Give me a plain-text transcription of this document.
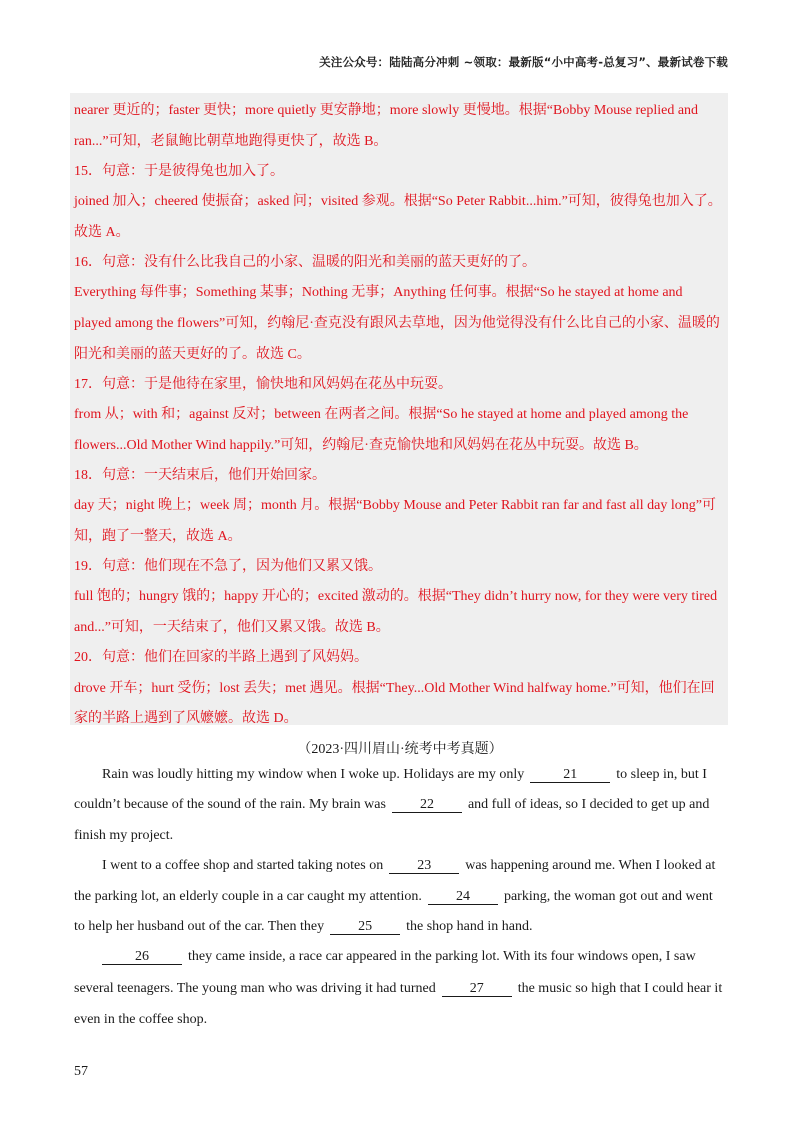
关注公众号：陆陆高分冲刺 ~领取：最新版“小中高考-总复习”、最新试卷下载
nearer 更近的；faster 更快；more quietly 更安静地；more slowly 更慢地。根据“Bobby Mouse replied and
ran...”可知，老鼠鲍比朝草地跑得更快了，故选 B。
15．句意：于是彼得兔也加入了。
joined 加入；cheered 使振奋；asked 问；visited 参观。根据“So Peter Rabbit...him.”可知，彼得兔也加入了。
故选 A。
16．句意：没有什么比我自己的小家、温暖的阳光和美丽的蓝天更好的了。
Everything 每件事；Something 某事；Nothing 无事；Anything 任何事。根据“So he stayed at home and
played among the flowers”可知，约翰尼·查克没有跟风去草地，因为他觉得没有什么比自己的小家、温暖的
阳光和美丽的蓝天更好的了。故选 C。
17．句意：于是他待在家里，愉快地和风妈妈在花丛中玩耍。
from 从；with 和；against 反对；between 在两者之间。根据“So he stayed at home and played among the
flowers...Old Mother Wind happily.”可知，约翰尼·查克愉快地和风妈妈在花丛中玩耍。故选 B。
18．句意：一天结束后，他们开始回家。
day 天；night 晚上；week 周；month 月。根据“Bobby Mouse and Peter Rabbit ran far and fast all day long”可
知，跑了一整天，故选 A。
19．句意：他们现在不急了，因为他们又累又饿。
full 饱的；hungry 饿的；happy 开心的；excited 激动的。根据“They didn’t hurry now, for they were very tired
and...”可知，一天结束了，他们又累又饿。故选 B。
20．句意：他们在回家的半路上遇到了风妈妈。
drove 开车；hurt 受伤；lost 丢失；met 遇见。根据“They...Old Mother Wind halfway home.”可知，他们在回
家的半路上遇到了风嬷嬷。故选 D。
（2023·四川眉山·统考中考真题）
Rain was loudly hitting my window when I woke up. Holidays are my only	21	to sleep in, but I
couldn’t because of the sound of the rain. My brain was 22 and full of ideas, so I decided to get up and
finish my project.
I went to a coffee shop and started taking notes on 23 was happening around me. When I looked at
the parking lot, an elderly couple in a car caught my attention. 24 parking, the woman got out and went
to help her husband out of the car. Then they 25 the shop hand in hand.
26	they came inside, a race car appeared in the parking lot. With its four windows open, I saw
several teenagers. The young man who was driving it had turned 27 the music so high that I could hear it
even in the coffee shop.
57
